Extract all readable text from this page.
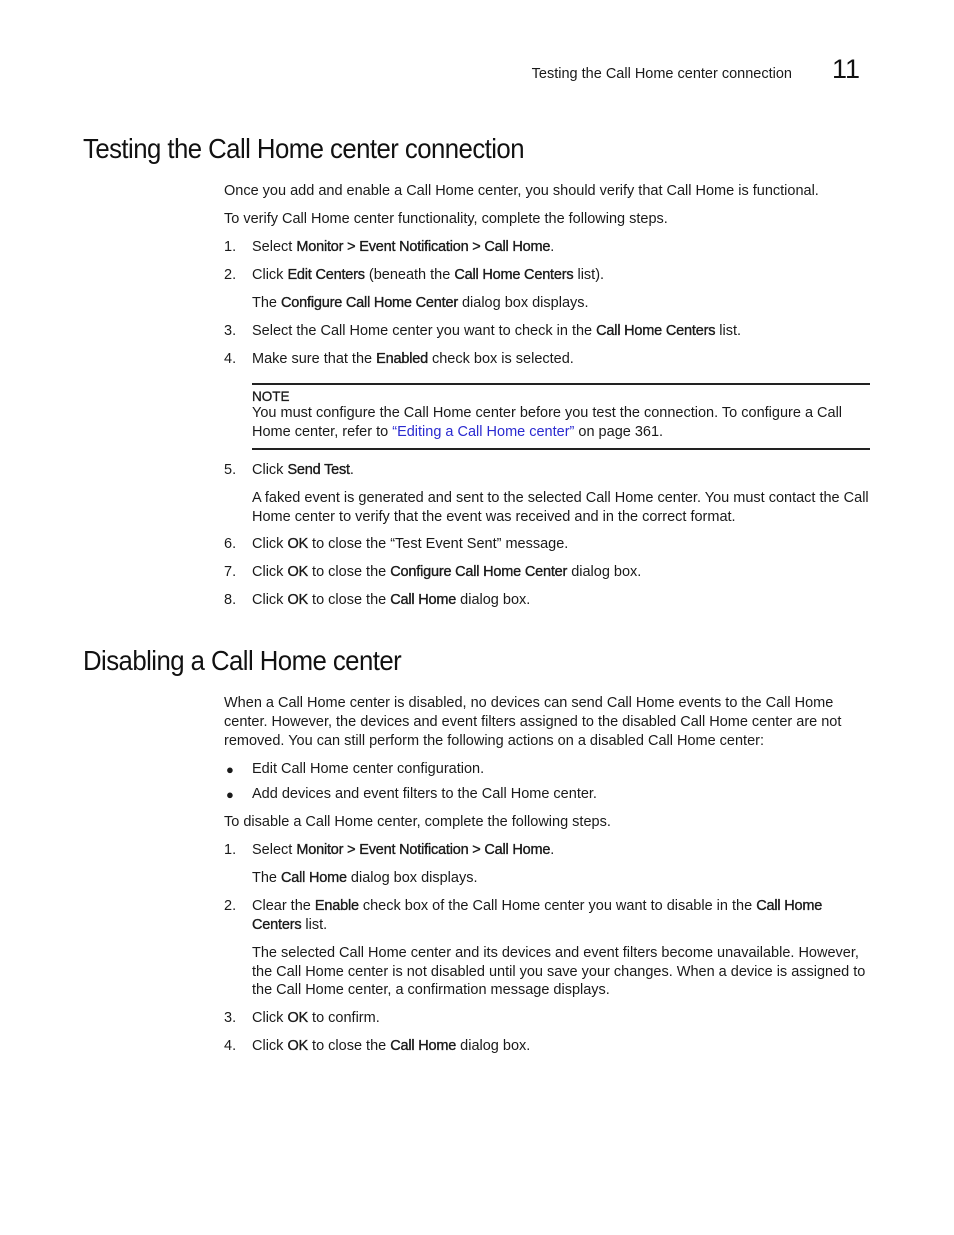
Testing the Call Home center connection 11
Testing the Call Home center connection

Once you add and enable a Call Home center, you should verify that Call Home is functional.

To verify Call Home center functionality, complete the following steps.

1. Select Monitor > Event Notification > Call Home.

2. Click Edit Centers (beneath the Call Home Centers list).

The Configure Call Home Center dialog box displays.

3. Select the Call Home center you want to check in the Call Home Centers list.

4. Make sure that the Enabled check box is selected.

NOTE

You must configure the Call Home center before you test the connection. To configure a Call

Home center, refer to “Editing a Call Home center” on page 361.

5. Click Send Test.

A faked event is generated and sent to the selected Call Home center. You must contact the Call Home center to verify that the event was received and in the correct format.

6. Click OK to close the “Test Event Sent” message.

7. Click OK to close the Configure Call Home Center dialog box.

8. Click OK to close the Call Home dialog box.

Disabling a Call Home center

When a Call Home center is disabled, no devices can send Call Home events to the Call Home

center. However, the devices and event filters assigned to the disabled Call Home center are not

removed. You can still perform the following actions on a disabled Call Home center:

● Edit Call Home center configuration.

● Add devices and event filters to the Call Home center.

To disable a Call Home center, complete the following steps.

1. Select Monitor > Event Notification > Call Home.

The Call Home dialog box displays.

2. Clear the Enable check box of the Call Home center you want to disable in the Call Home

Centers list.

The selected Call Home center and its devices and event filters become unavailable. However,

the Call Home center is not disabled until you save your changes. When a device is assigned to

the Call Home center, a confirmation message displays.

3. Click OK to confirm.

4. Click OK to close the Call Home dialog box.
